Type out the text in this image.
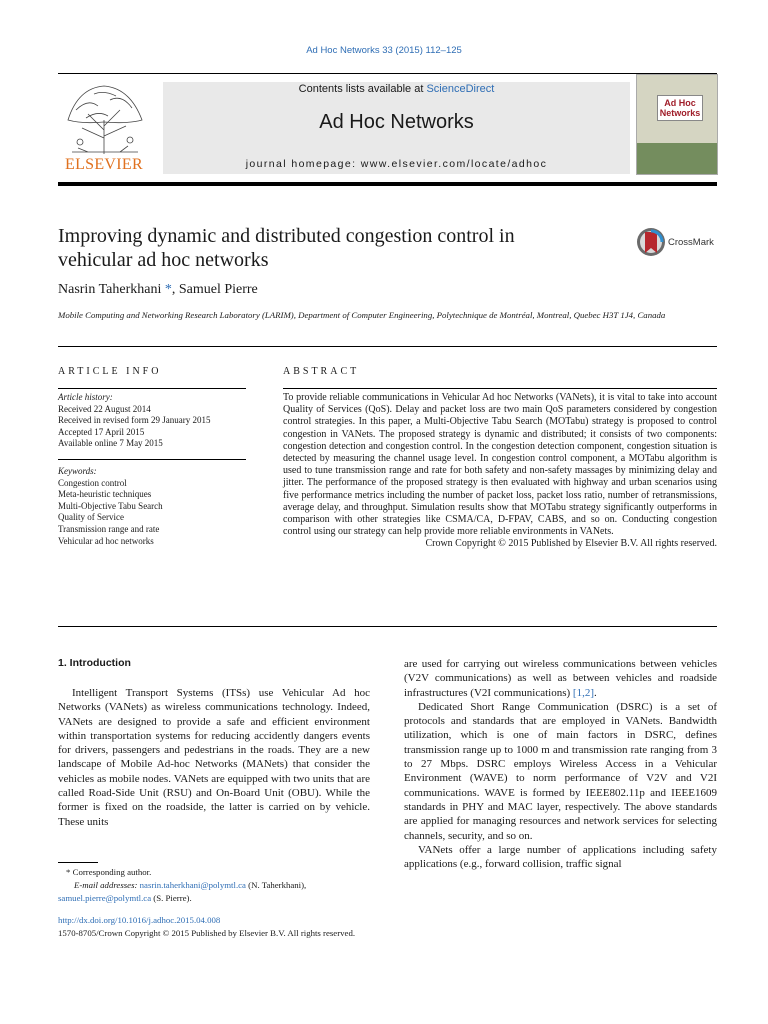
Ad Hoc Networks 33 (2015) 112–125
ELSEVIER
Contents lists available at ScienceDirect
Ad Hoc Networks
journal homepage: www.elsevier.com/locate/adhoc
Ad Hoc Networks
Improving dynamic and distributed congestion control in vehicular ad hoc networks
CrossMark
Nasrin Taherkhani *, Samuel Pierre
Mobile Computing and Networking Research Laboratory (LARIM), Department of Computer Engineering, Polytechnique de Montréal, Montreal, Quebec H3T 1J4, Canada
ARTICLE INFO	ABSTRACT
Article history:
Received 22 August 2014
Received in revised form 29 January 2015
Accepted 17 April 2015
Available online 7 May 2015
Keywords:
Congestion control
Meta-heuristic techniques
Multi-Objective Tabu Search
Quality of Service
Transmission range and rate
Vehicular ad hoc networks
To provide reliable communications in Vehicular Ad hoc Networks (VANets), it is vital to take into account Quality of Services (QoS). Delay and packet loss are two main QoS parameters considered by congestion control strategies. In this paper, a Multi-Objective Tabu Search (MOTabu) strategy is proposed to control congestion in VANets. The proposed strategy is dynamic and distributed; it consists of two components: congestion detection and congestion control. In the congestion detection component, congestion situation is detected by measuring the channel usage level. In congestion control component, a MOTabu algorithm is used to tune transmission range and rate for both safety and non-safety massages by minimizing delay and jitter. The performance of the proposed strategy is then evaluated with highway and urban scenarios using five performance metrics including the number of packet loss, packet loss ratio, number of retransmissions, average delay, and throughput. Simulation results show that MOTabu strategy significantly outperforms in comparison with other strategies like CSMA/CA, D-FPAV, CABS, and so on. Conducting congestion control using our strategy can help provide more reliable environments in VANets.
Crown Copyright © 2015 Published by Elsevier B.V. All rights reserved.
1. Introduction

Intelligent Transport Systems (ITSs) use Vehicular Ad hoc Networks (VANets) as wireless communications technology. Indeed, VANets are designed to provide a safe and efficient environment within transportation systems for reducing accidently dangers events for drivers, passengers and pedestrians in the roads. They are a new landscape of Mobile Ad-hoc Networks (MANets) that consider the vehicles as mobile nodes. VANets are equipped with two units that are called Road-Side Unit (RSU) and On-Board Unit (OBU). While the former is fixed on the roadside, the latter is carried on by vehicle. These units

are used for carrying out wireless communications between vehicles (V2V communications) as well as between vehicles and roadside infrastructures (V2I communications) [1,2].

Dedicated Short Range Communication (DSRC) is a set of protocols and standards that are employed in VANets. Bandwidth utilization, which is one of main factors in DSRC, defines transmission range up to 1000 m and transmission rate ranging from 3 to 27 Mbps. DSRC employs Wireless Access in a Vehicular Environment (WAVE) to norm performance of V2V and V2I communications. WAVE is formed by IEEE802.11p and IEEE1609 standards in PHY and MAC layer, respectively. The above standards are applied for managing resources and network services for selecting channels, security, and so on.

VANets offer a large number of applications including safety applications (e.g., forward collision, traffic signal

* Corresponding author.
E-mail addresses: nasrin.taherkhani@polymtl.ca (N. Taherkhani),
samuel.pierre@polymtl.ca (S. Pierre).
http://dx.doi.org/10.1016/j.adhoc.2015.04.008
1570-8705/Crown Copyright © 2015 Published by Elsevier B.V. All rights reserved.
